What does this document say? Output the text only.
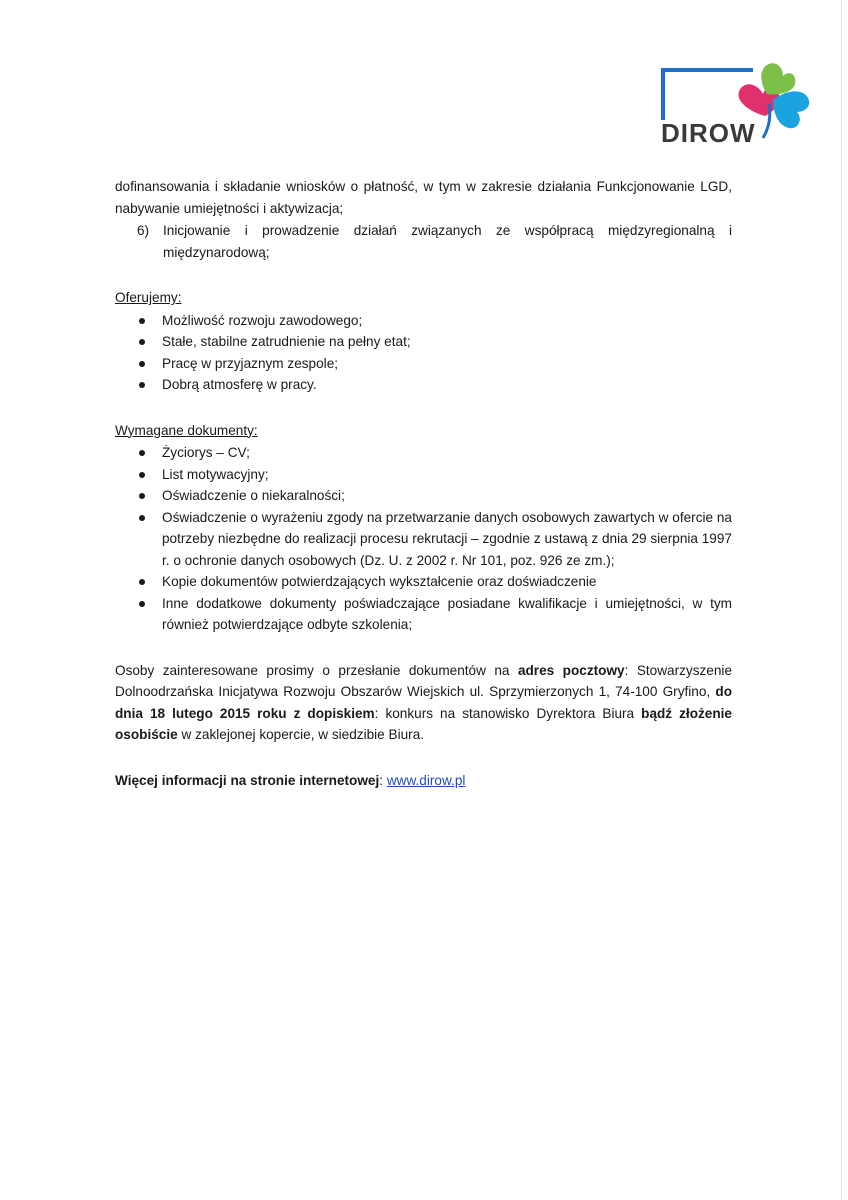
DIROW

dofinansowania i składanie wniosków o płatność, w tym w zakresie działania Funkcjonowanie LGD, nabywanie umiejętności i aktywizacja;

6)	Inicjowanie i prowadzenie działań związanych ze współpracą międzyregionalną i międzynarodową;

Oferujemy:

Możliwość rozwoju zawodowego;
Stałe, stabilne zatrudnienie na pełny etat;
Pracę w przyjaznym zespole;
Dobrą atmosferę w pracy.

Wymagane dokumenty:

Życiorys – CV;
List motywacyjny;
Oświadczenie o niekaralności;
Oświadczenie o wyrażeniu zgody na przetwarzanie danych osobowych zawartych w ofercie na potrzeby niezbędne do realizacji procesu rekrutacji – zgodnie z ustawą z dnia 29 sierpnia 1997 r. o ochronie danych osobowych (Dz. U. z 2002 r. Nr 101, poz. 926 ze zm.);
Kopie dokumentów potwierdzających wykształcenie oraz doświadczenie
Inne dodatkowe dokumenty poświadczające posiadane kwalifikacje i umiejętności, w tym również potwierdzające odbyte szkolenia;

Osoby zainteresowane prosimy o przesłanie dokumentów na adres pocztowy: Stowarzyszenie Dolnoodrzańska Inicjatywa Rozwoju Obszarów Wiejskich ul. Sprzymierzonych 1, 74-100 Gryfino, do dnia 18 lutego 2015 roku z dopiskiem: konkurs na stanowisko Dyrektora Biura bądź złożenie osobiście w zaklejonej kopercie, w siedzibie Biura.

Więcej informacji na stronie internetowej: www.dirow.pl
